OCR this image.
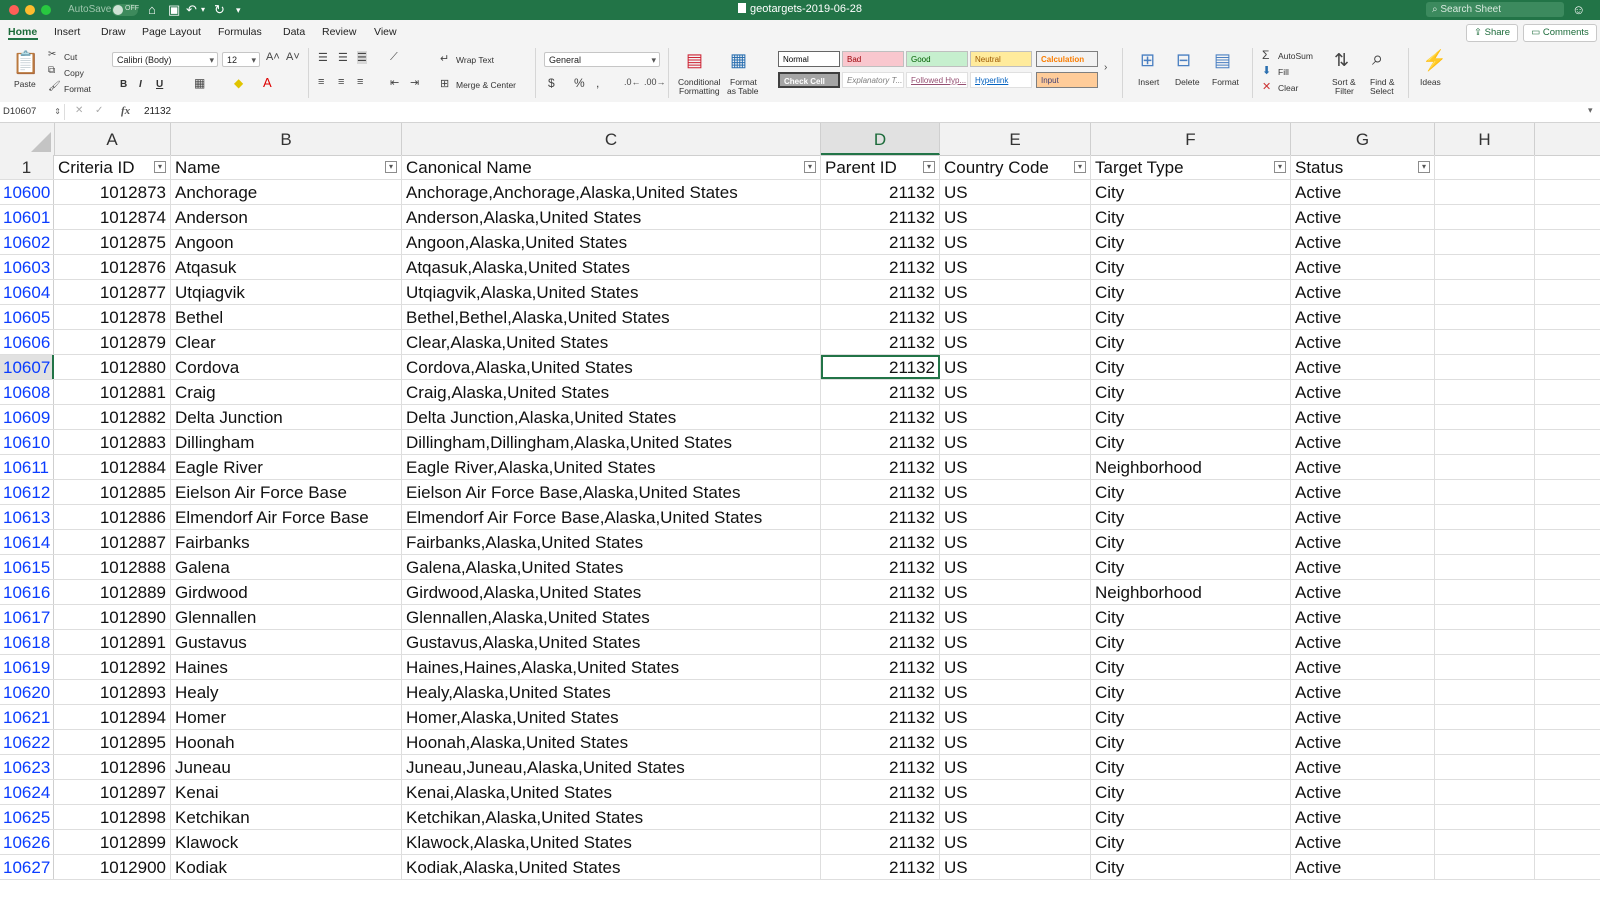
AutoSave OFF ⌂ ▣ ↶ ▾ ↻ ▾	geotargets-2019-06-28	⌕ Search Sheet	☺
Home Insert Draw Page Layout Formulas Data Review View	⇪ Share	▭ Comments
📋
Paste
✂ Cut
⧉ Copy
🖌 Format
Calibri (Body) ▾	12 ▾	A˄ A˅
B I U	▦ ◆ A
☰ ☰ ☰ ⟋	↵ Wrap Text
≡ ≡ ≡ ⇤ ⇥ ⊞ Merge & Center
General ▾
$ % ,	.0← .00→
▤
Conditional
Formatting
▦
Format
as Table
Normal	Bad	Good	Neutral	Calculation
Check Cell	Explanatory T...	Followed Hyp...	Hyperlink	Input
› ⊞
Insert
⊟
Delete
▤
Format
Σ AutoSum
⬇ Fill
✕ Clear
⇅
Sort &
Filter
⌕
Find &
Select
⚡
Ideas
D10607 ⇕	✕ ✓ fx 21132	▾
A	B	C	D	E	F	G	H
1	Criteria ID	▾ Name	▾ Canonical Name	▾ Parent ID	▾ Country Code	▾ Target Type	▾ Status	▾
10600	1012873 Anchorage	Anchorage,Anchorage,Alaska,United States	21132 US	City	Active
10601	1012874 Anderson	Anderson,Alaska,United States	21132 US	City	Active
10602	1012875 Angoon	Angoon,Alaska,United States	21132 US	City	Active
10603	1012876 Atqasuk	Atqasuk,Alaska,United States	21132 US	City	Active
10604	1012877 Utqiagvik	Utqiagvik,Alaska,United States	21132 US	City	Active
10605	1012878 Bethel	Bethel,Bethel,Alaska,United States	21132 US	City	Active
10606	1012879 Clear	Clear,Alaska,United States	21132 US	City	Active
10607	1012880 Cordova	Cordova,Alaska,United States	21132 US	City	Active
10608	1012881 Craig	Craig,Alaska,United States	21132 US	City	Active
10609	1012882 Delta Junction	Delta Junction,Alaska,United States	21132 US	City	Active
10610	1012883 Dillingham	Dillingham,Dillingham,Alaska,United States	21132 US	City	Active
10611	1012884 Eagle River	Eagle River,Alaska,United States	21132 US	Neighborhood	Active
10612	1012885 Eielson Air Force Base	Eielson Air Force Base,Alaska,United States	21132 US	City	Active
10613	1012886 Elmendorf Air Force Base	Elmendorf Air Force Base,Alaska,United States	21132 US	City	Active
10614	1012887 Fairbanks	Fairbanks,Alaska,United States	21132 US	City	Active
10615	1012888 Galena	Galena,Alaska,United States	21132 US	City	Active
10616	1012889 Girdwood	Girdwood,Alaska,United States	21132 US	Neighborhood	Active
10617	1012890 Glennallen	Glennallen,Alaska,United States	21132 US	City	Active
10618	1012891 Gustavus	Gustavus,Alaska,United States	21132 US	City	Active
10619	1012892 Haines	Haines,Haines,Alaska,United States	21132 US	City	Active
10620	1012893 Healy	Healy,Alaska,United States	21132 US	City	Active
10621	1012894 Homer	Homer,Alaska,United States	21132 US	City	Active
10622	1012895 Hoonah	Hoonah,Alaska,United States	21132 US	City	Active
10623	1012896 Juneau	Juneau,Juneau,Alaska,United States	21132 US	City	Active
10624	1012897 Kenai	Kenai,Alaska,United States	21132 US	City	Active
10625	1012898 Ketchikan	Ketchikan,Alaska,United States	21132 US	City	Active
10626	1012899 Klawock	Klawock,Alaska,United States	21132 US	City	Active
10627	1012900 Kodiak	Kodiak,Alaska,United States	21132 US	City	Active
